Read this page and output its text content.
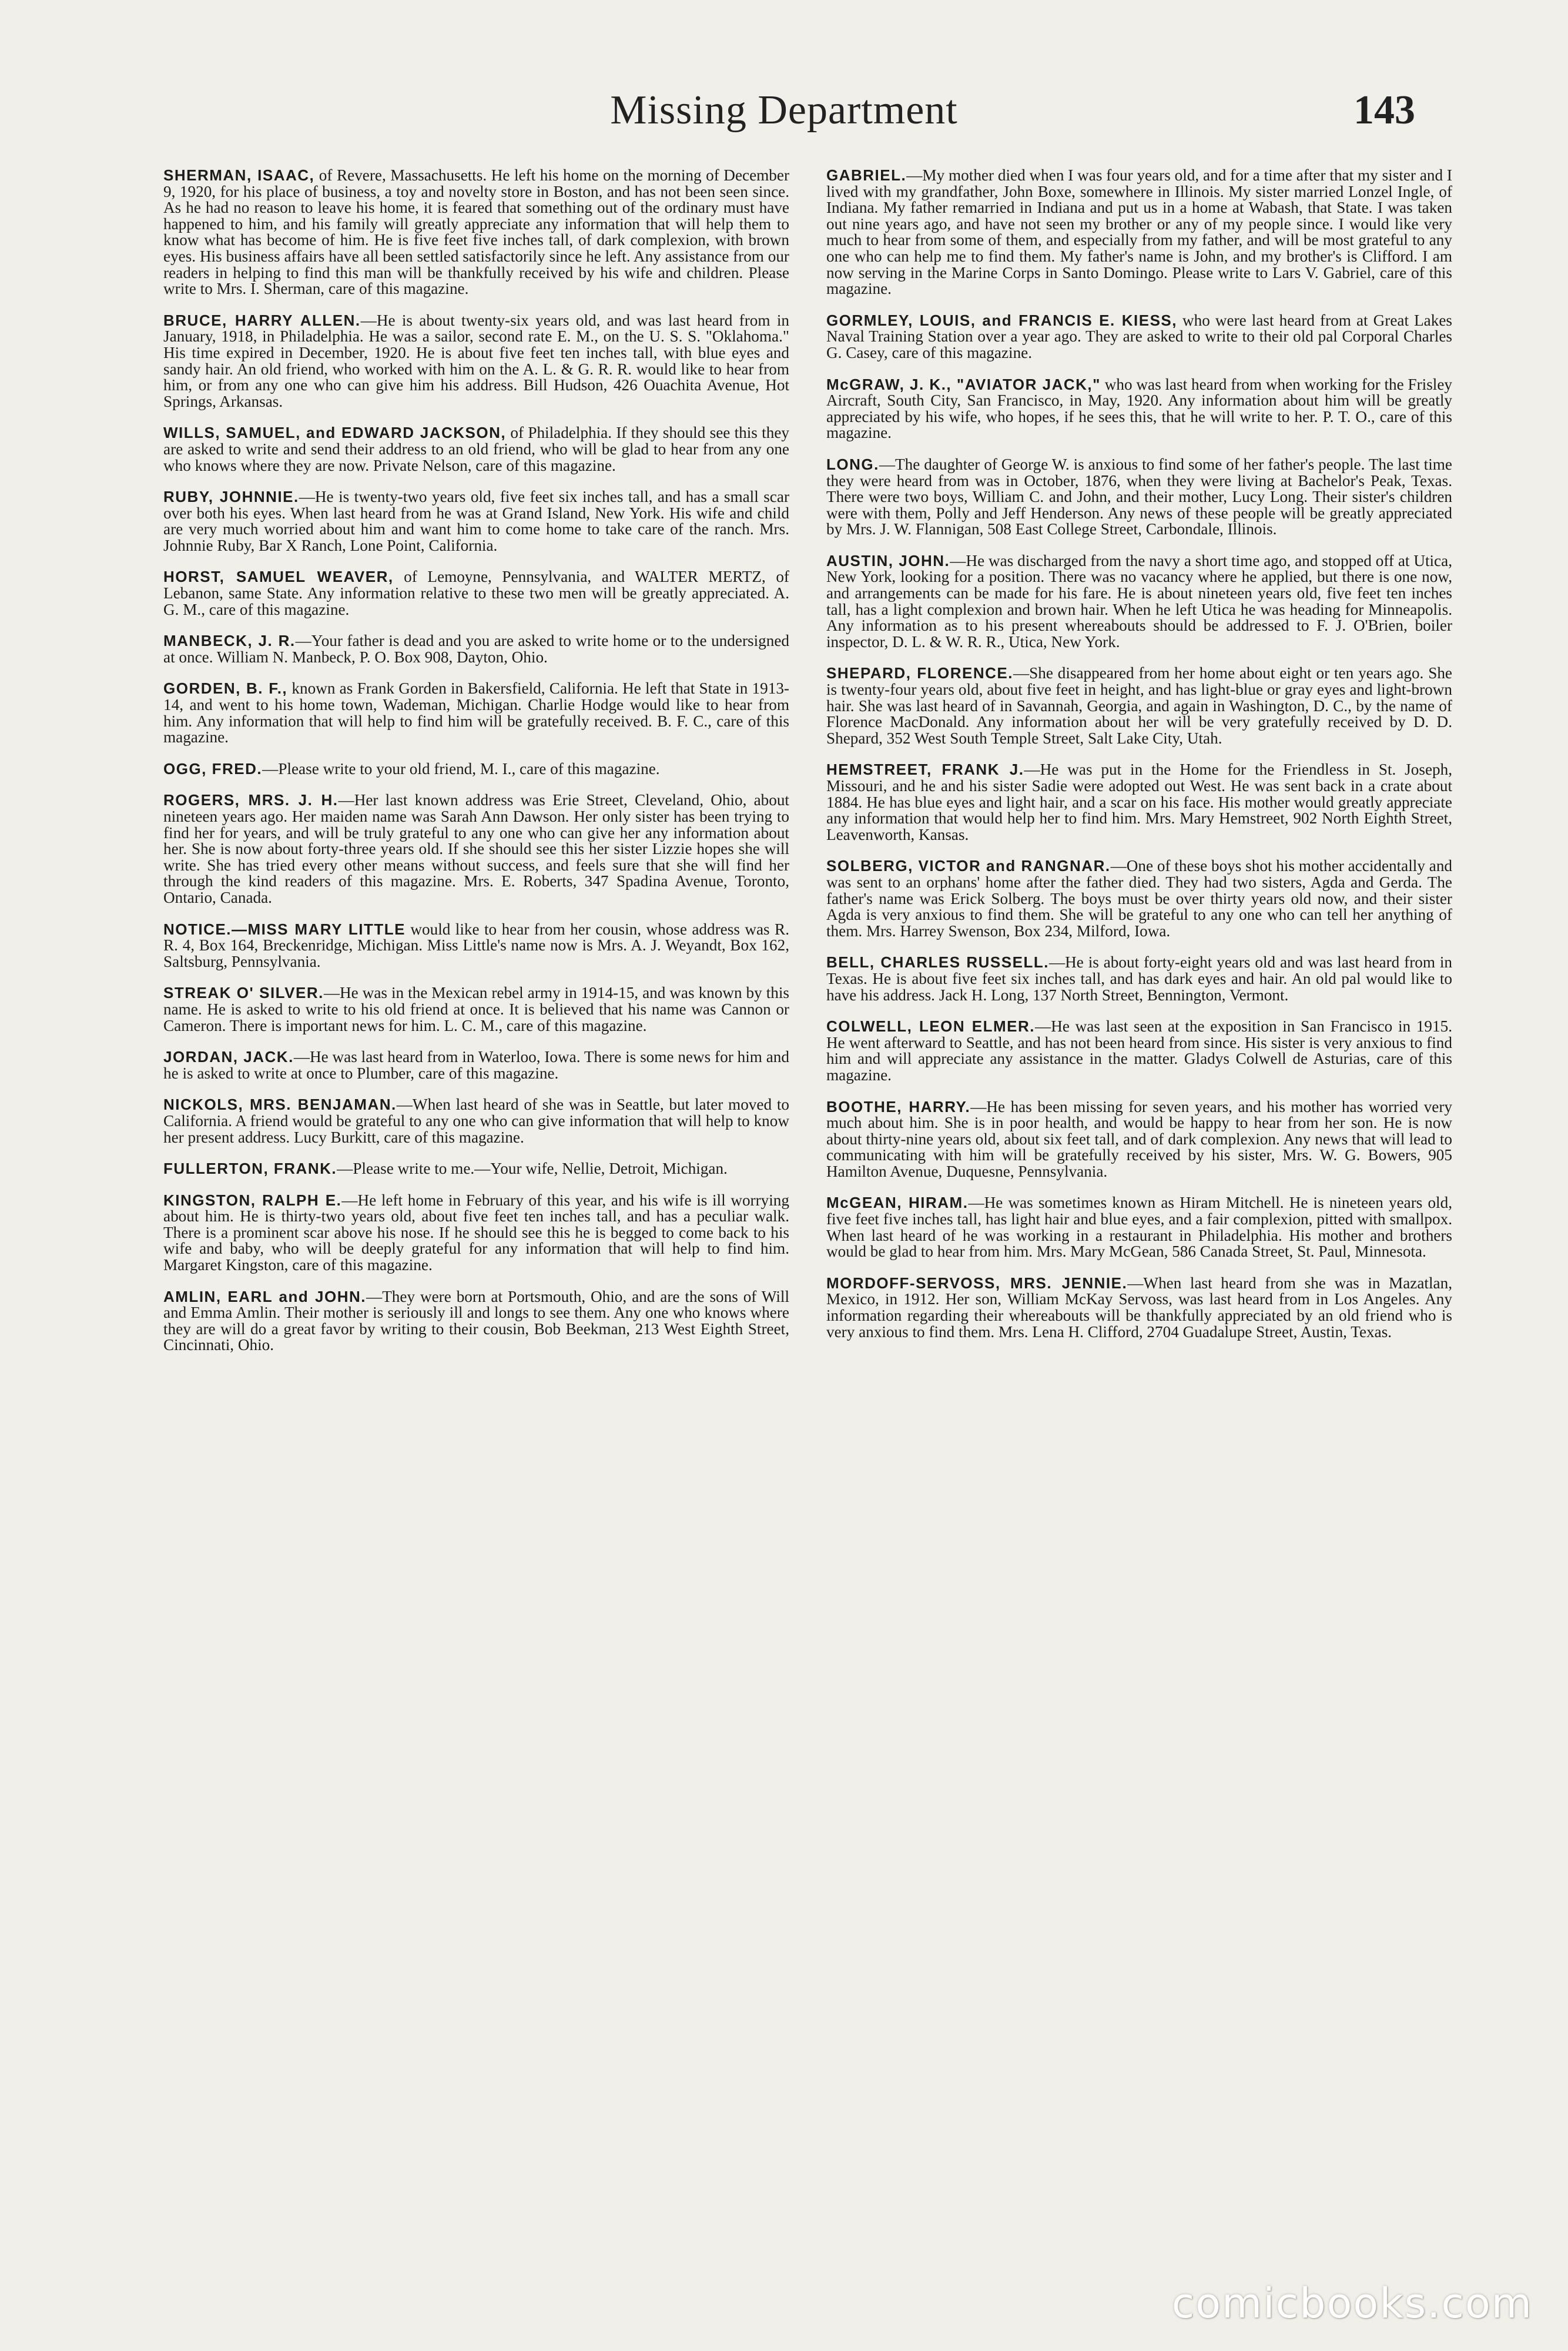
Missing Department	143

SHERMAN, ISAAC, of Revere, Massachusetts. He left his home on the morning of December 9, 1920, for his place of business, a toy and novelty store in Boston, and has not been seen since. As he had no reason to leave his home, it is feared that something out of the ordinary must have happened to him, and his family will greatly appreciate any information that will help them to know what has become of him. He is five feet five inches tall, of dark complexion, with brown eyes. His business affairs have all been settled satisfactorily since he left. Any assistance from our readers in helping to find this man will be thankfully received by his wife and children. Please write to Mrs. I. Sherman, care of this magazine.

BRUCE, HARRY ALLEN.—He is about twenty-six years old, and was last heard from in January, 1918, in Philadelphia. He was a sailor, second rate E. M., on the U. S. S. "Oklahoma." His time expired in December, 1920. He is about five feet ten inches tall, with blue eyes and sandy hair. An old friend, who worked with him on the A. L. & G. R. R. would like to hear from him, or from any one who can give him his address. Bill Hudson, 426 Ouachita Avenue, Hot Springs, Arkansas.

WILLS, SAMUEL, and EDWARD JACKSON, of Philadelphia. If they should see this they are asked to write and send their address to an old friend, who will be glad to hear from any one who knows where they are now. Private Nelson, care of this magazine.

RUBY, JOHNNIE.—He is twenty-two years old, five feet six inches tall, and has a small scar over both his eyes. When last heard from he was at Grand Island, New York. His wife and child are very much worried about him and want him to come home to take care of the ranch. Mrs. Johnnie Ruby, Bar X Ranch, Lone Point, California.

HORST, SAMUEL WEAVER, of Lemoyne, Pennsylvania, and WALTER MERTZ, of Lebanon, same State. Any information relative to these two men will be greatly appreciated. A. G. M., care of this magazine.

MANBECK, J. R.—Your father is dead and you are asked to write home or to the undersigned at once. William N. Manbeck, P. O. Box 908, Dayton, Ohio.

GORDEN, B. F., known as Frank Gorden in Bakersfield, California. He left that State in 1913-14, and went to his home town, Wademan, Michigan. Charlie Hodge would like to hear from him. Any information that will help to find him will be gratefully received. B. F. C., care of this magazine.

OGG, FRED.—Please write to your old friend, M. I., care of this magazine.

ROGERS, MRS. J. H.—Her last known address was Erie Street, Cleveland, Ohio, about nineteen years ago. Her maiden name was Sarah Ann Dawson. Her only sister has been trying to find her for years, and will be truly grateful to any one who can give her any information about her. She is now about forty-three years old. If she should see this her sister Lizzie hopes she will write. She has tried every other means without success, and feels sure that she will find her through the kind readers of this magazine. Mrs. E. Roberts, 347 Spadina Avenue, Toronto, Ontario, Canada.

NOTICE.—MISS MARY LITTLE would like to hear from her cousin, whose address was R. R. 4, Box 164, Breckenridge, Michigan. Miss Little's name now is Mrs. A. J. Weyandt, Box 162, Saltsburg, Pennsylvania.

STREAK O' SILVER.—He was in the Mexican rebel army in 1914-15, and was known by this name. He is asked to write to his old friend at once. It is believed that his name was Cannon or Cameron. There is important news for him. L. C. M., care of this magazine.

JORDAN, JACK.—He was last heard from in Waterloo, Iowa. There is some news for him and he is asked to write at once to Plumber, care of this magazine.

NICKOLS, MRS. BENJAMAN.—When last heard of she was in Seattle, but later moved to California. A friend would be grateful to any one who can give information that will help to know her present address. Lucy Burkitt, care of this magazine.

FULLERTON, FRANK.—Please write to me.—Your wife, Nellie, Detroit, Michigan.

KINGSTON, RALPH E.—He left home in February of this year, and his wife is ill worrying about him. He is thirty-two years old, about five feet ten inches tall, and has a peculiar walk. There is a prominent scar above his nose. If he should see this he is begged to come back to his wife and baby, who will be deeply grateful for any information that will help to find him. Margaret Kingston, care of this magazine.

AMLIN, EARL and JOHN.—They were born at Portsmouth, Ohio, and are the sons of Will and Emma Amlin. Their mother is seriously ill and longs to see them. Any one who knows where they are will do a great favor by writing to their cousin, Bob Beekman, 213 West Eighth Street, Cincinnati, Ohio.

GABRIEL.—My mother died when I was four years old, and for a time after that my sister and I lived with my grandfather, John Boxe, somewhere in Illinois. My sister married Lonzel Ingle, of Indiana. My father remarried in Indiana and put us in a home at Wabash, that State. I was taken out nine years ago, and have not seen my brother or any of my people since. I would like very much to hear from some of them, and especially from my father, and will be most grateful to any one who can help me to find them. My father's name is John, and my brother's is Clifford. I am now serving in the Marine Corps in Santo Domingo. Please write to Lars V. Gabriel, care of this magazine.

GORMLEY, LOUIS, and FRANCIS E. KIESS, who were last heard from at Great Lakes Naval Training Station over a year ago. They are asked to write to their old pal Corporal Charles G. Casey, care of this magazine.

McGRAW, J. K., "AVIATOR JACK," who was last heard from when working for the Frisley Aircraft, South City, San Francisco, in May, 1920. Any information about him will be greatly appreciated by his wife, who hopes, if he sees this, that he will write to her. P. T. O., care of this magazine.

LONG.—The daughter of George W. is anxious to find some of her father's people. The last time they were heard from was in October, 1876, when they were living at Bachelor's Peak, Texas. There were two boys, William C. and John, and their mother, Lucy Long. Their sister's children were with them, Polly and Jeff Henderson. Any news of these people will be greatly appreciated by Mrs. J. W. Flannigan, 508 East College Street, Carbondale, Illinois.

AUSTIN, JOHN.—He was discharged from the navy a short time ago, and stopped off at Utica, New York, looking for a position. There was no vacancy where he applied, but there is one now, and arrangements can be made for his fare. He is about nineteen years old, five feet ten inches tall, has a light complexion and brown hair. When he left Utica he was heading for Minneapolis. Any information as to his present whereabouts should be addressed to F. J. O'Brien, boiler inspector, D. L. & W. R. R., Utica, New York.

SHEPARD, FLORENCE.—She disappeared from her home about eight or ten years ago. She is twenty-four years old, about five feet in height, and has light-blue or gray eyes and light-brown hair. She was last heard of in Savannah, Georgia, and again in Washington, D. C., by the name of Florence MacDonald. Any information about her will be very gratefully received by D. D. Shepard, 352 West South Temple Street, Salt Lake City, Utah.

HEMSTREET, FRANK J.—He was put in the Home for the Friendless in St. Joseph, Missouri, and he and his sister Sadie were adopted out West. He was sent back in a crate about 1884. He has blue eyes and light hair, and a scar on his face. His mother would greatly appreciate any information that would help her to find him. Mrs. Mary Hemstreet, 902 North Eighth Street, Leavenworth, Kansas.

SOLBERG, VICTOR and RANGNAR.—One of these boys shot his mother accidentally and was sent to an orphans' home after the father died. They had two sisters, Agda and Gerda. The father's name was Erick Solberg. The boys must be over thirty years old now, and their sister Agda is very anxious to find them. She will be grateful to any one who can tell her anything of them. Mrs. Harrey Swenson, Box 234, Milford, Iowa.

BELL, CHARLES RUSSELL.—He is about forty-eight years old and was last heard from in Texas. He is about five feet six inches tall, and has dark eyes and hair. An old pal would like to have his address. Jack H. Long, 137 North Street, Bennington, Vermont.

COLWELL, LEON ELMER.—He was last seen at the exposition in San Francisco in 1915. He went afterward to Seattle, and has not been heard from since. His sister is very anxious to find him and will appreciate any assistance in the matter. Gladys Colwell de Asturias, care of this magazine.

BOOTHE, HARRY.—He has been missing for seven years, and his mother has worried very much about him. She is in poor health, and would be happy to hear from her son. He is now about thirty-nine years old, about six feet tall, and of dark complexion. Any news that will lead to communicating with him will be gratefully received by his sister, Mrs. W. G. Bowers, 905 Hamilton Avenue, Duquesne, Pennsylvania.

McGEAN, HIRAM.—He was sometimes known as Hiram Mitchell. He is nineteen years old, five feet five inches tall, has light hair and blue eyes, and a fair complexion, pitted with smallpox. When last heard of he was working in a restaurant in Philadelphia. His mother and brothers would be glad to hear from him. Mrs. Mary McGean, 586 Canada Street, St. Paul, Minnesota.

MORDOFF-SERVOSS, MRS. JENNIE.—When last heard from she was in Mazatlan, Mexico, in 1912. Her son, William McKay Servoss, was last heard from in Los Angeles. Any information regarding their whereabouts will be thankfully appreciated by an old friend who is very anxious to find them. Mrs. Lena H. Clifford, 2704 Guadalupe Street, Austin, Texas.

comicbooks.com
